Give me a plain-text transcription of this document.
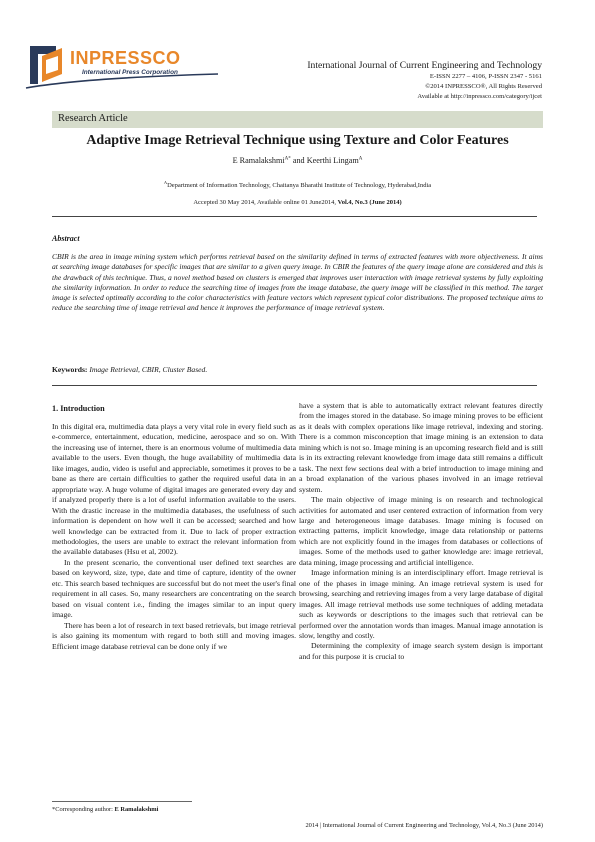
INPRESSCO
International Press Corporation
International Journal of Current Engineering and Technology
E-ISSN 2277 – 4106, P-ISSN 2347 - 5161
©2014 INPRESSCO®, All Rights Reserved
Available at http://inpressco.com/category/ijcet
Research Article
Adaptive Image Retrieval Technique using Texture and Color Features
E Ramalakshmi$^{A*}$ and Keerthi Lingam$^A$
$^A$Department of Information Technology, Chaitanya Bharathi Institute of Technology, Hyderabad,India
Accepted 30 May 2014, Available online 01 June2014, Vol.4, No.3 (June 2014)
Abstract

CBIR is the area in image mining system which performs retrieval based on the similarity defined in terms of extracted features with more objectiveness. It aims at searching image databases for specific images that are similar to a given query image. In CBIR the features of the query image alone are considered and this is the drawback of this technique. Thus, a novel method based on clusters is emerged that improves user interaction with image retrieval systems by fully exploiting the similarity information. In order to reduce the searching time of images from the image database, the query image will be classified in this method. The target image is selected optimally according to the color characteristics with feature vectors which represent typical color distributions. The proposed technique aims to reduce the searching time of image retrieval and hence it improves the performance of image retrieval system.

Keywords: Image Retrieval, CBIR, Cluster Based.
1. Introduction

In this digital era, multimedia data plays a very vital role in every field such as e-commerce, entertainment, education, medicine, aerospace and so on. With the increasing use of internet, there is an enormous volume of multimedia data available to the users. Even though, the huge availability of multimedia data like images, audio, video is useful and appreciable, sometimes it proves to be a bane as there are certain difficulties to gather the required useful data in an appropriate way. A huge volume of digital images are generated every day and if analyzed properly there is a lot of useful information available to the users. With the drastic increase in the multimedia databases, the usefulness of such information is dependent on how well it can be accessed; searched and how well knowledge can be extracted from it. Due to lack of proper extraction methodologies, the users are unable to extract the relevant information from the available databases (Hsu et al, 2002).

In the present scenario, the conventional user defined text searches are based on keyword, size, type, date and time of capture, identity of the owner etc. This search based techniques are successful but do not meet the user's final requirement in all cases. So, many researchers are concentrating on the search based on visual content i.e., finding the images similar to an input query image.

There has been a lot of research in text based retrievals, but image retrieval is also gaining its momentum with regard to both still and moving images. Efficient image database retrieval can be done only if we

have a system that is able to automatically extract relevant features directly from the images stored in the database. So image mining proves to be efficient as it deals with complex operations like image retrieval, indexing and storing. There is a common misconception that image mining is an extension to data mining which is not so. Image mining is an upcoming research field and is still is in its extracting relevant knowledge from image data still remains a difficult task. The next few sections deal with a brief introduction to image mining and a broad explanation of the various phases involved in an image retrieval system.

The main objective of image mining is on research and technological activities for automated and user centered extraction of information from very large and heterogeneous image databases. Image mining is focused on extracting patterns, implicit knowledge, image data relationship or patterns which are not explicitly found in the images from databases or collections of images. Some of the methods used to gather knowledge are: image retrieval, data mining, image processing and artificial intelligence.

Image information mining is an interdisciplinary effort. Image retrieval is one of the phases in image mining. An image retrieval system is used for browsing, searching and retrieving images from a very large database of digital images. All image retrieval methods use some techniques of adding metadata such as keywords or descriptions to the images such that retrieval can be performed over the annotation words than images. Manual image annotation is slow, lengthy and costly.

Determining the complexity of image search system design is important and for this purpose it is crucial to

*Corresponding author: E Ramalakshmi
2014 | International Journal of Current Engineering and Technology, Vol.4, No.3 (June 2014)
